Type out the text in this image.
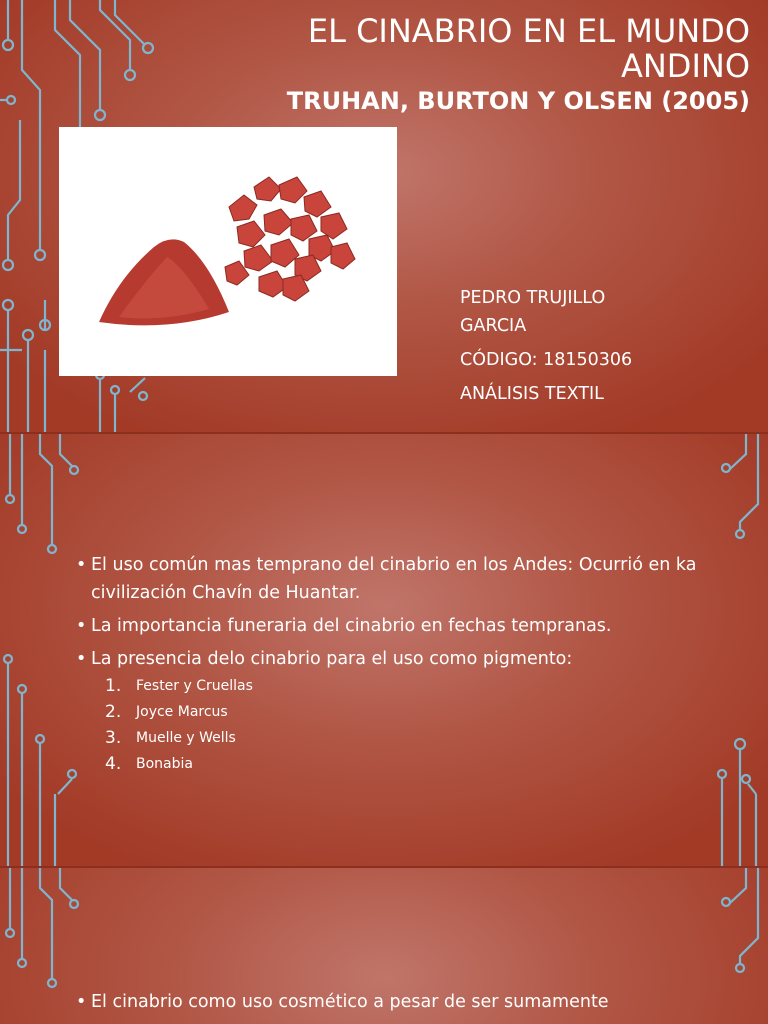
EL CINABRIO EN EL MUNDO ANDINO
TRUHAN, BURTON Y OLSEN (2005)

PEDRO TRUJILLO GARCIA

CÓDIGO: 18150306

ANÁLISIS TEXTIL

• El uso común mas temprano del cinabrio en los Andes: Ocurrió en ka civilización Chavín de Huantar.
• La importancia funeraria del cinabrio en fechas tempranas.
• La presencia delo cinabrio para el uso como pigmento:
1. Fester y Cruellas
2. Joyce Marcus
3. Muelle y Wells
4. Bonabia
• El cinabrio como uso cosmético a pesar de ser sumamente
